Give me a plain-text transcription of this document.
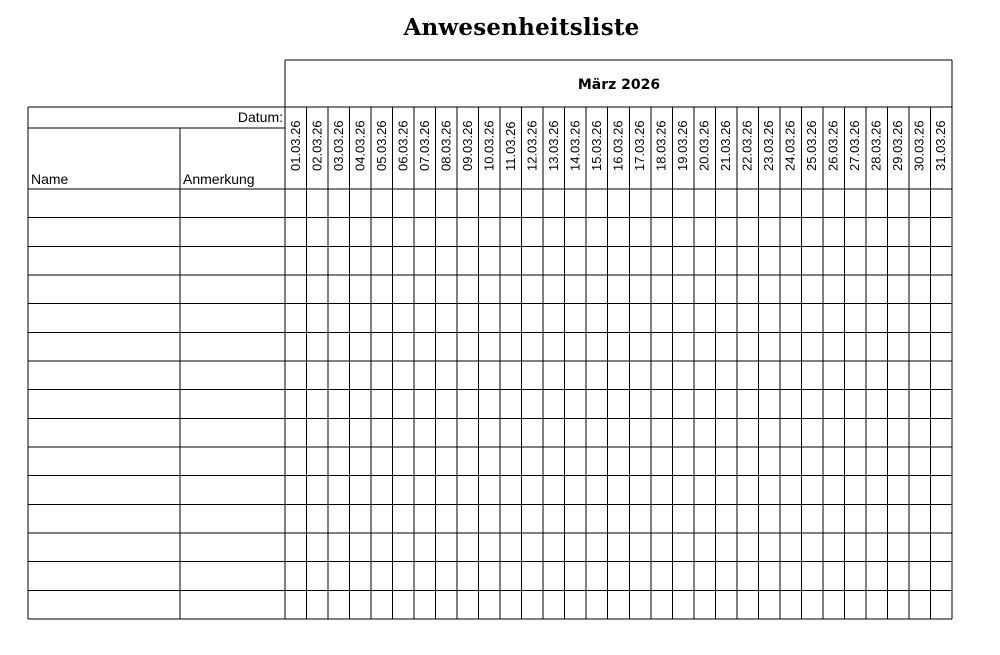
Anwesenheitsliste
März 2026
Datum:
Name	Anmerkung
01.03.26 02.03.26 03.03.26 04.03.26 05.03.26 06.03.26 07.03.26 08.03.26 09.03.26 10.03.26 11.03.26 12.03.26 13.03.26 14.03.26 15.03.26 16.03.26 17.03.26 18.03.26 19.03.26 20.03.26 21.03.26 22.03.26 23.03.26 24.03.26 25.03.26 26.03.26 27.03.26 28.03.26 29.03.26 30.03.26 31.03.26
